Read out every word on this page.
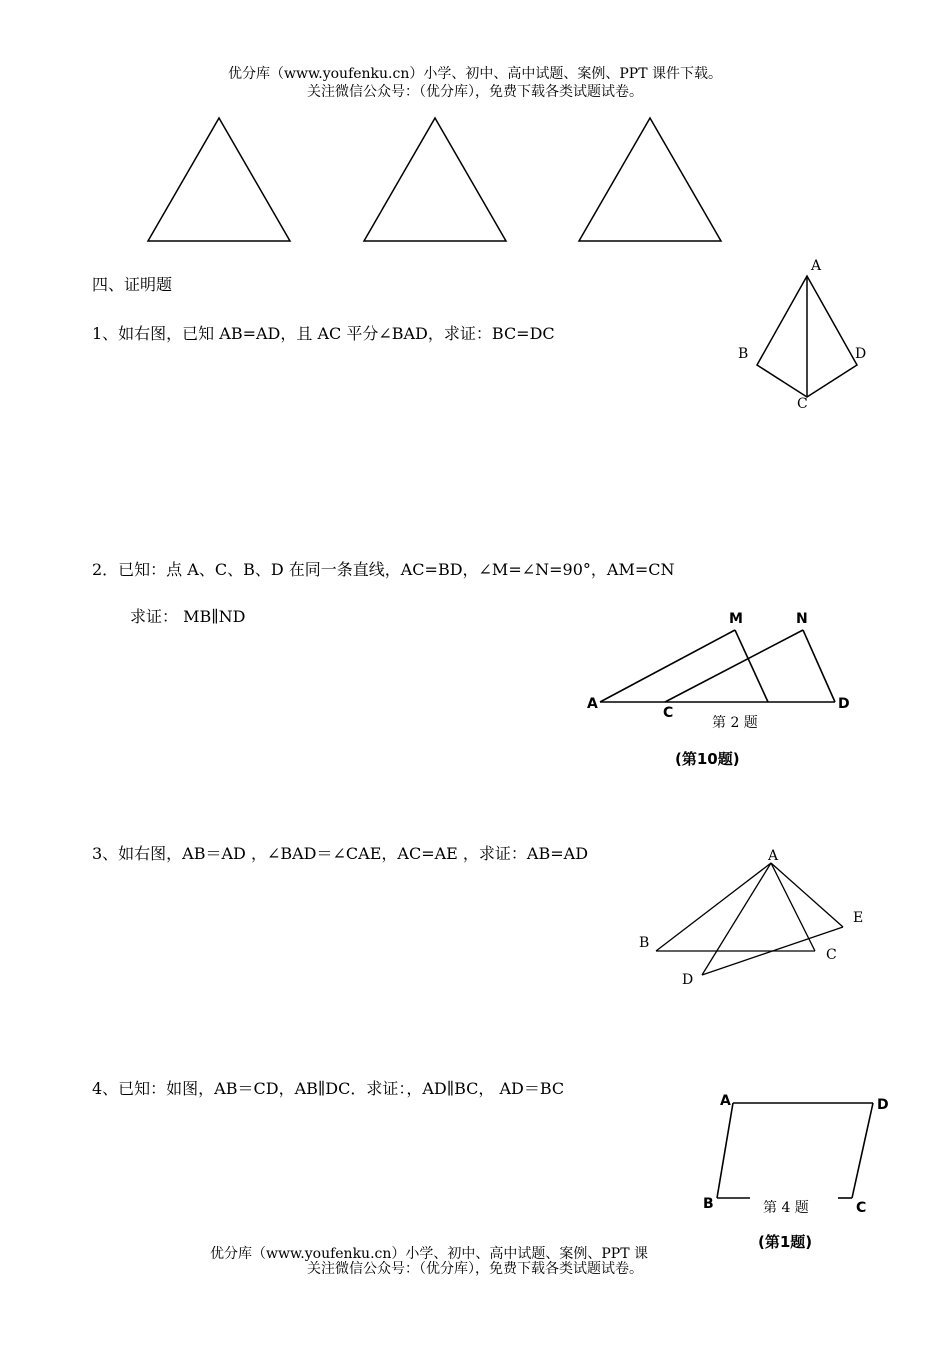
优分库（www.youfenku.cn）小学、初中、高中试题、案例、PPT 课件下载。
关注微信公众号：（优分库），免费下载各类试题试卷。
四、证明题
1、如右图，已知 AB=AD，且 AC 平分∠BAD，求证：BC=DC
A
B
C
D
2．已知：点 A、C、B、D 在同一条直线，AC=BD，∠M=∠N=90°，AM=CN
求证： MB∥ND	M	N
A
C
D
第 2 题
(第10题)
3、如右图，AB＝AD ，∠BAD＝∠CAE，AC=AE ，求证：AB=AD	A
B
C
D
E
4、已知：如图，AB＝CD，AB∥DC．求证：，AD∥BC， AD＝BC
A	D
B	C
第 4 题
(第1题)
优分库（www.youfenku.cn）小学、初中、高中试题、案例、PPT 课
关注微信公众号：（优分库），免费下载各类试题试卷。
